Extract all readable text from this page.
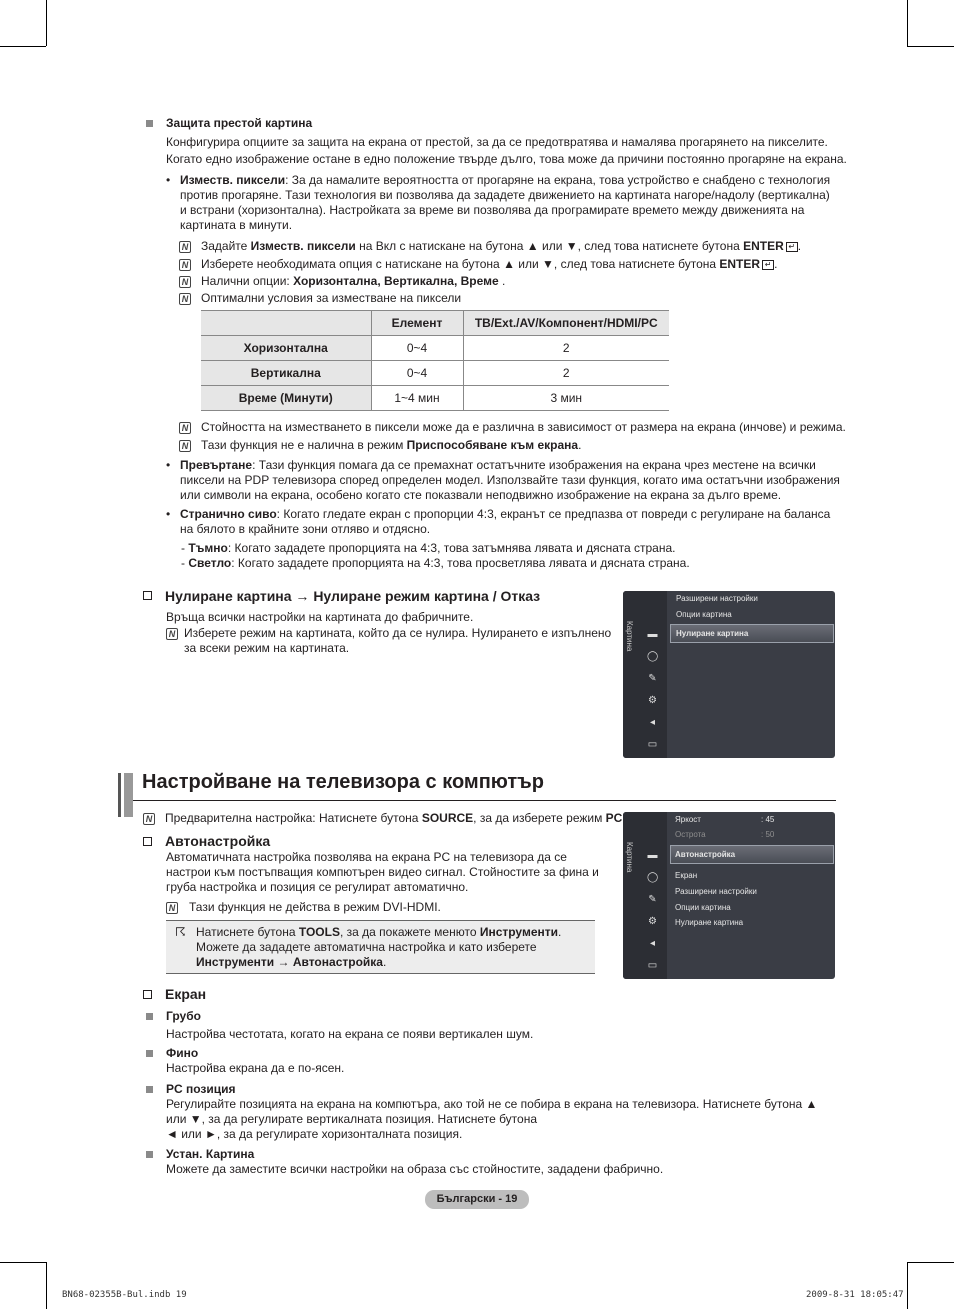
Защита престой картина
Конфигурира опциите за защита на екрана от престой, за да се предотвратява и намалява прогарянето на пикселите.
Когато едно изображение остане в едно положение твърде дълго, това може да причини постоянно прогаряне на екрана.
• Изместв. пиксели: За да намалите вероятността от прогаряне на екрана, това устройство е снабдено с технология
против прогаряне. Тази технология ви позволява да зададете движението на картината нагоре/надолу (вертикална)
и встрани (хоризонтална). Настройката за време ви позволява да програмирате времето между движенията на
картината в минути.
N Задайте Изместв. пиксели на Вкл с натискане на бутона ▲ или ▼, след това натиснете бутона ENTER ↵ .
N Изберете необходимата опция с натискане на бутона ▲ или ▼, след това натиснете бутона ENTER ↵ .
N Налични опции: Хоризонтална, Вертикална, Време .
N Оптимални условия за изместване на пиксели
	Елемент	TB/Ext./AV/Компонент/HDMI/PC
Хоризонтална	0~4	2
Вертикална	0~4	2
Време (Минути)	1~4 мин	3 мин
N Стойността на изместването в пиксели може да е различна в зависимост от размера на екрана (инчове) и режима.
N Тази функция не е налична в режим Приспособяване към екрана.
• Превъртане: Тази функция помага да се премахнат остатъчните изображения на екрана чрез местене на всички
пиксели на PDP телевизора според определен модел. Използвайте тази функция, когато има остатъчни изображения
или символи на екрана, особено когато сте показвали неподвижно изображение на екрана за дълго време.
• Странично сиво: Когато гледате екран с пропорции 4:3, екранът се предпазва от повреди с регулиране на баланса
на бялото в крайните зони отляво и отдясно.
- Тъмно: Когато зададете пропорцията на 4:3, това затъмнява лявата и дясната страна.
- Светло: Когато зададете пропорцията на 4:3, това просветлява лявата и дясната страна.
Нулиране картина → Нулиране режим картина / Отказ
Връща всички настройки на картината до фабричните.
N Изберете режим на картината, който да се нулира. Нулирането е изпълнено
за всеки режим на картината.	Картина ▬
◯
✎
⚙
◂
▭
Разширени настройки
Опции картина
Нулиране картина
Настройване на телевизора с компютър
N Предварителна настройка: Натиснете бутона SOURCE, за да изберете режим PC
Автонастройка
Автоматичната настройка позволява на екрана PC на телевизора да се
настрои към постъпващия компютърен видео сигнал. Стойностите за фина и
груба настройка и позиция се регулират автоматично.
N Тази функция не действа в режим DVI-HDMI.
☈ Натиснете бутона TOOLS, за да покажете менюто Инструменти.
Можете да зададете автоматична настройка и като изберете
Инструменти → Автонастройка.
Картина ▬
◯
✎
⚙
◂
▭
Яркост	: 45
Острота	: 50
Автонастройка
Екран
Разширени настройки
Опции картина
Нулиране картина
Екран
Грубо
Настройва честотата, когато на екрана се появи вертикален шум.
Фино
Настройва екрана да е по-ясен.
PC позиция
Регулирайте позицията на екрана на компютъра, ако той не се побира в екрана на телевизора. Натиснете бутона ▲
или ▼, за да регулирате вертикалната позиция. Натиснете бутона
◄ или ►, за да регулирате хоризонталната позиция.
Устан. Картина
Можете да заместите всички настройки на образа със стойностите, зададени фабрично.
Български - 19
BN68-02355B-Bul.indb 19	2009-8-31 18:05:47
